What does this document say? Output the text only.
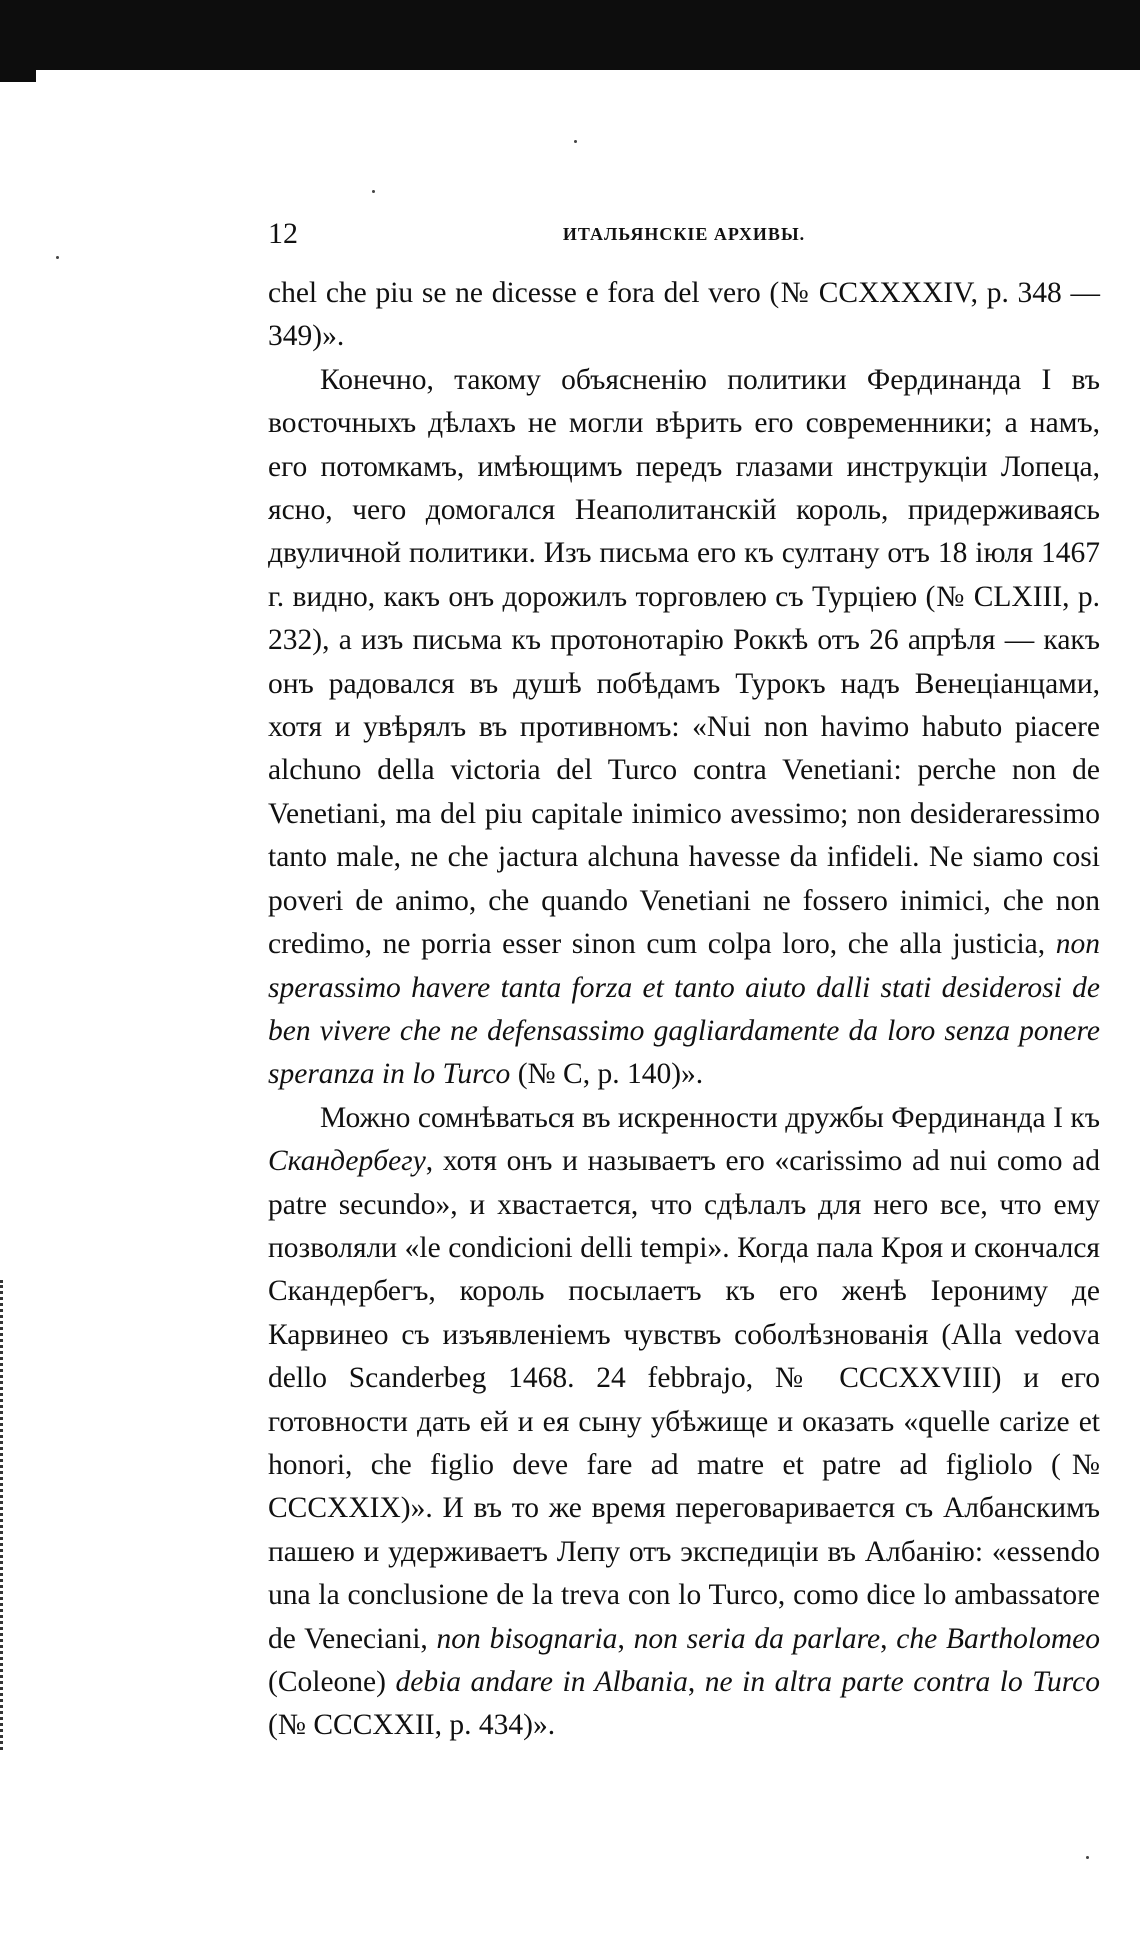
12	ИТАЛЬЯНСКІЕ АРХИВЫ.

chel che piu se ne dicesse e fora del vero (№ CCXXXXIV, p. 348 — 349)».

Конечно, такому объясненію политики Фердинанда I въ восточныхъ дѣлахъ не могли вѣрить его современники; а намъ, его потомкамъ, имѣющимъ передъ глазами инструкціи Лопеца, ясно, чего домогался Неаполитанскій король, придерживаясь двуличной политики. Изъ письма его къ султану отъ 18 іюля 1467 г. видно, какъ онъ дорожилъ торговлею съ Турціею (№ CLXIII, p. 232), а изъ письма къ протонотарію Роккѣ отъ 26 апрѣля — какъ онъ радовался въ душѣ побѣдамъ Турокъ надъ Венеціанцами, хотя и увѣрялъ въ противномъ: «Nui non havimo habuto piacere alchuno della victoria del Turco contra Venetiani: perche non de Venetiani, ma del piu capitale inimico avessimo; non desideraressimo tanto male, ne che jactura alchuna havesse da infideli. Ne siamo cosi poveri de animo, che quando Venetiani ne fossero inimici, che non credimo, ne porria esser sinon cum colpa loro, che alla justicia, non sperassimo havere tanta forza et tanto aiuto dalli stati desiderosi de ben vivere che ne defensassimo gagliardamente da loro senza ponere speranza in lo Turco (№ C, p. 140)».

Можно сомнѣваться въ искренности дружбы Фердинанда I къ Скандербегу, хотя онъ и называетъ его «carissimo ad nui como ad patre secundo», и хвастается, что сдѣлалъ для него все, что ему позволяли «le condicioni delli tempi». Когда пала Кроя и скончался Скандербегъ, король посылаетъ къ его женѣ Іерониму де Карвинео съ изъявленіемъ чувствъ соболѣзнованія (Alla vedova dello Scanderbeg 1468. 24 febbrajo, № CCCXXVIII) и его готовности дать ей и ея сыну убѣжище и оказать «quelle carize et honori, che figlio deve fare ad matre et patre ad figliolo (№ CCCXXIX)». И въ то же время переговаривается съ Албанскимъ пашею и удерживаетъ Лепу отъ экспедиціи въ Албанію: «essendo una la conclusione de la treva con lo Turco, como dice lo ambassatore de Veneciani, non bisognaria, non seria da parlare, che Bartholomeo (Coleone) debia andare in Albania, ne in altra parte contra lo Turco (№ CCCXXII, p. 434)».
